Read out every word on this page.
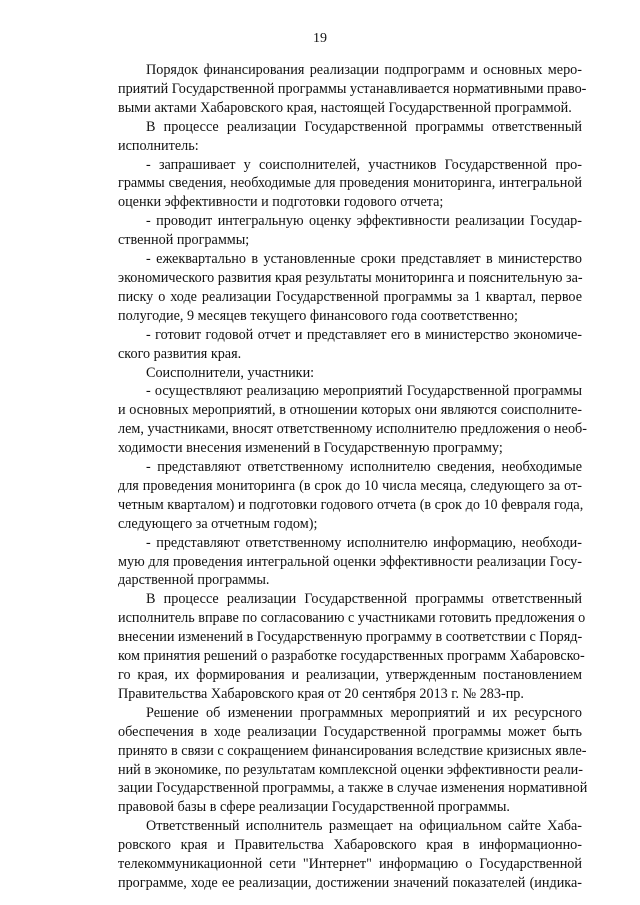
19

Порядок финансирования реализации подпрограмм и основных меро-
приятий Государственной программы устанавливается нормативными право-
выми актами Хабаровского края, настоящей Государственной программой.

В процессе реализации Государственной программы ответственный
исполнитель:

- запрашивает у соисполнителей, участников Государственной про-
граммы сведения, необходимые для проведения мониторинга, интегральной
оценки эффективности и подготовки годового отчета;

- проводит интегральную оценку эффективности реализации Государ-
ственной программы;

- ежеквартально в установленные сроки представляет в министерство
экономического развития края результаты мониторинга и пояснительную за-
писку о ходе реализации Государственной программы за 1 квартал, первое
полугодие, 9 месяцев текущего финансового года соответственно;

- готовит годовой отчет и представляет его в министерство экономиче-
ского развития края.

Соисполнители, участники:

- осуществляют реализацию мероприятий Государственной программы
и основных мероприятий, в отношении которых они являются соисполните-
лем, участниками, вносят ответственному исполнителю предложения о необ-
ходимости внесения изменений в Государственную программу;

- представляют ответственному исполнителю сведения, необходимые
для проведения мониторинга (в срок до 10 числа месяца, следующего за от-
четным кварталом) и подготовки годового отчета (в срок до 10 февраля года,
следующего за отчетным годом);

- представляют ответственному исполнителю информацию, необходи-
мую для проведения интегральной оценки эффективности реализации Госу-
дарственной программы.

В процессе реализации Государственной программы ответственный
исполнитель вправе по согласованию с участниками готовить предложения о
внесении изменений в Государственную программу в соответствии с Поряд-
ком принятия решений о разработке государственных программ Хабаровско-
го края, их формирования и реализации, утвержденным постановлением
Правительства Хабаровского края от 20 сентября 2013 г. № 283-пр.

Решение об изменении программных мероприятий и их ресурсного
обеспечения в ходе реализации Государственной программы может быть
принято в связи с сокращением финансирования вследствие кризисных явле-
ний в экономике, по результатам комплексной оценки эффективности реали-
зации Государственной программы, а также в случае изменения нормативной
правовой базы в сфере реализации Государственной программы.

Ответственный исполнитель размещает на официальном сайте Хаба-
ровского края и Правительства Хабаровского края в информационно-
телекоммуникационной сети "Интернет" информацию о Государственной
программе, ходе ее реализации, достижении значений показателей (индика-
